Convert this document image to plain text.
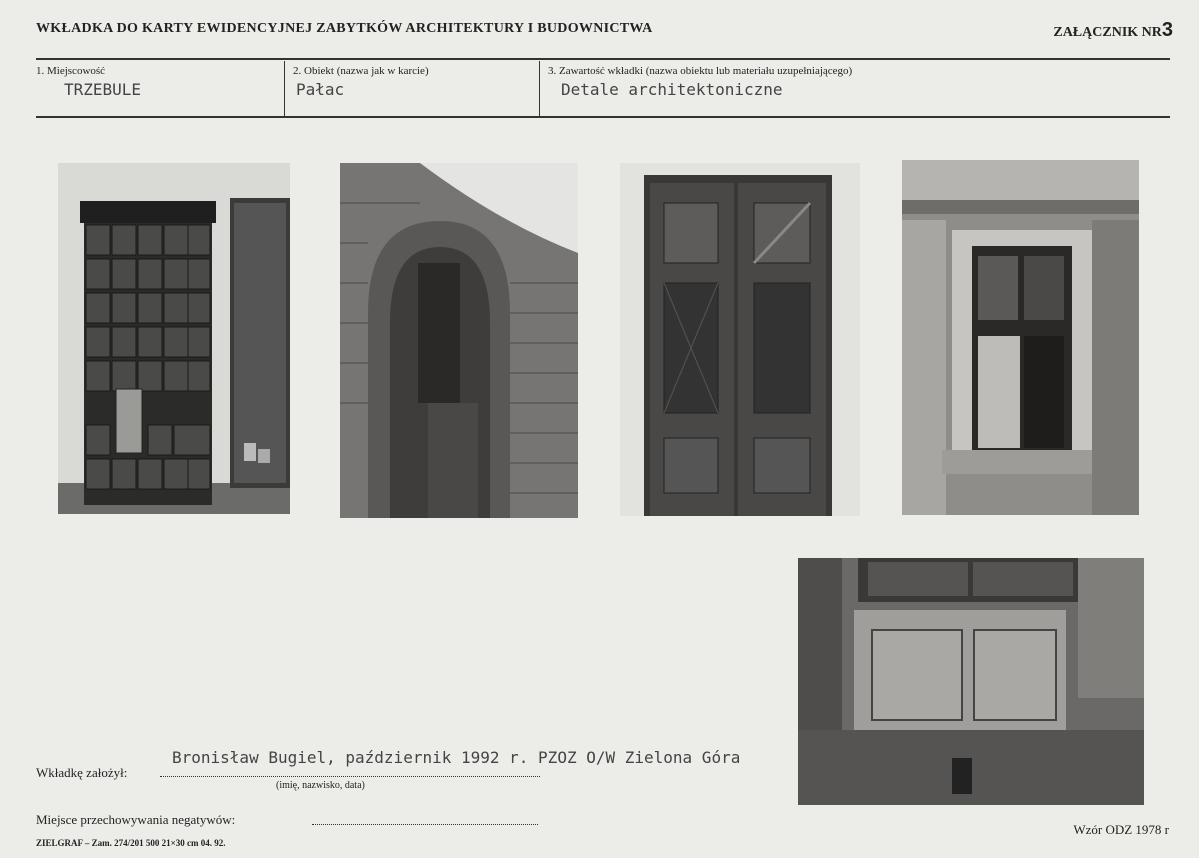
WKŁADKA DO KARTY EWIDENCYJNEJ ZABYTKÓW ARCHITEKTURY I BUDOWNICTWA	ZAŁĄCZNIK NR3
1. Miejscowość
TRZEBULE
2. Obiekt (nazwa jak w karcie)
Pałac
3. Zawartość wkładki (nazwa obiektu lub materiału uzupełniającego)
Detale architektoniczne
Wkładkę założył:
Bronisław Bugiel, październik 1992 r. PZOZ O/W Zielona Góra
(imię, nazwisko, data)
Miejsce przechowywania negatywów:
ZIELGRAF – Zam. 274/201 500 21×30 cm 04. 92.
Wzór ODZ 1978 r
